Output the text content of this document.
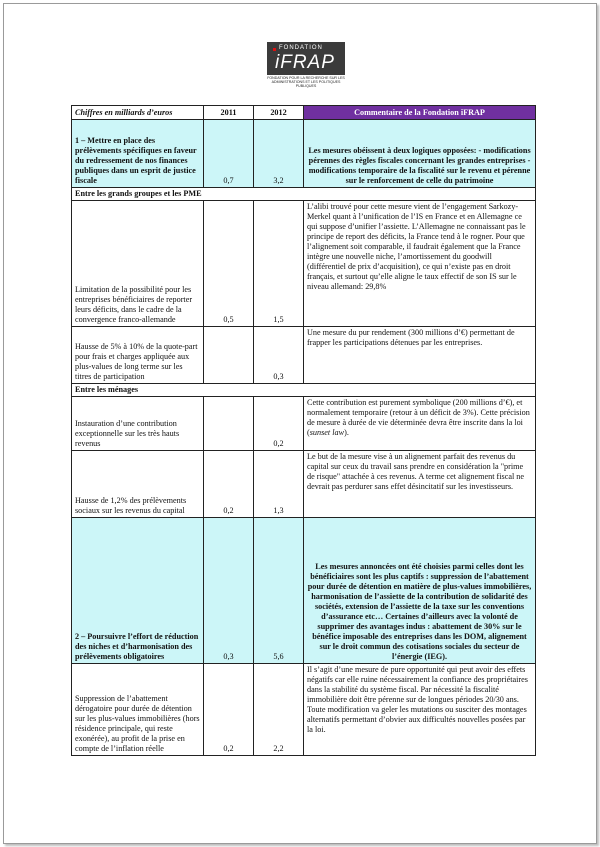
FONDATION
iFRAP
FONDATION POUR LA RECHERCHE SUR LES ADMINISTRATIONS ET LES POLITIQUES PUBLIQUES
Chiffres en milliards d’euros	2011	2012	Commentaire de la Fondation iFRAP
1 – Mettre en place des prélèvements spécifiques en faveur du redressement de nos finances publiques dans un esprit de justice fiscale	0,7	3,2	Les mesures obéissent à deux logiques opposées: - modifications pérennes des règles fiscales concernant les grandes entreprises - modifications temporaire de la fiscalité sur le revenu et pérenne sur le renforcement de celle du patrimoine
Entre les grands groupes et les PME			
Limitation de la possibilité pour les entreprises bénéficiaires de reporter leurs déficits, dans le cadre de la convergence franco-allemande	0,5	1,5	L’alibi trouvé pour cette mesure vient de l’engagement Sarkozy-Merkel quant à l’unification de l’IS en France et en Allemagne ce qui suppose d’unifier l’assiette. L’Allemagne ne connaissant pas le principe de report des déficits, la France tend à le rogner. Pour que l’alignement soit comparable, il faudrait également que la France intègre une nouvelle niche, l’amortissement du goodwill (différentiel de prix d’acquisition), ce qui n’existe pas en droit français, et surtout qu’elle aligne le taux effectif de son IS sur le niveau allemand: 29,8%
Hausse de 5% à 10% de la quote-part pour frais et charges appliquée aux plus-values de long terme sur les titres de participation		0,3	Une mesure du pur rendement (300 millions d’€) permettant de frapper les participations détenues par les entreprises.
Entre les ménages			
Instauration d’une contribution exceptionnelle sur les très hauts revenus		0,2	Cette contribution est purement symbolique (200 millions d’€), et normalement temporaire (retour à un déficit de 3%). Cette précision de mesure à durée de vie déterminée devra être inscrite dans la loi (sunset law).
Hausse de 1,2% des prélèvements sociaux sur les revenus du capital	0,2	1,3	Le but de la mesure vise à un alignement parfait des revenus du capital sur ceux du travail sans prendre en considération la "prime de risque" attachée à ces revenus. A terme cet alignement fiscal ne devrait pas perdurer sans effet désincitatif sur les investisseurs.
2 – Poursuivre l’effort de réduction des niches et d’harmonisation des prélèvements obligatoires	0,3	5,6	Les mesures annoncées ont été choisies parmi celles dont les bénéficiaires sont les plus captifs : suppression de l’abattement pour durée de détention en matière de plus-values immobilières, harmonisation de l’assiette de la contribution de solidarité des sociétés, extension de l’assiette de la taxe sur les conventions d’assurance etc… Certaines d’ailleurs avec la volonté de supprimer des avantages indus : abattement de 30% sur le bénéfice imposable des entreprises dans les DOM, alignement sur le droit commun des cotisations sociales du secteur de l’énergie (IEG).
Suppression de l’abattement dérogatoire pour durée de détention sur les plus-values immobilières (hors résidence principale, qui reste exonérée), au profit de la prise en compte de l’inflation réelle	0,2	2,2	Il s’agit d’une mesure de pure opportunité qui peut avoir des effets négatifs car elle ruine nécessairement la confiance des propriétaires dans la stabilité du système fiscal. Par nécessité la fiscalité immobilière doit être pérenne sur de longues périodes 20/30 ans. Toute modification va geler les mutations ou susciter des montages alternatifs permettant d’obvier aux difficultés nouvelles posées par la loi.
